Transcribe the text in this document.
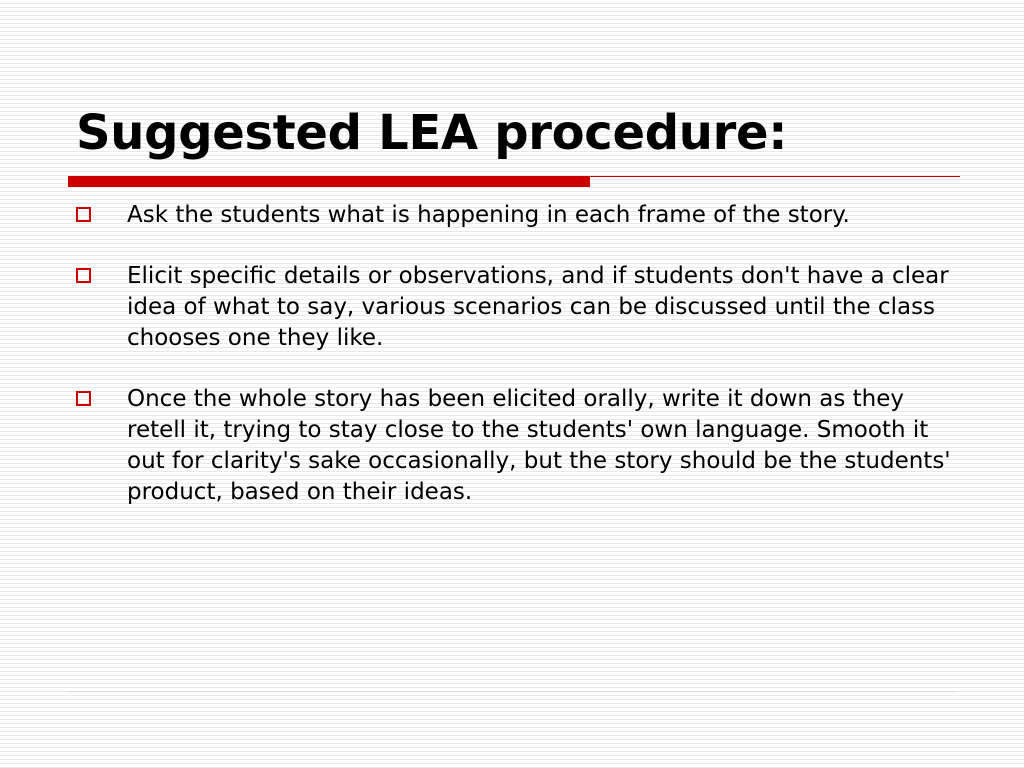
Suggested LEA procedure:
Ask the students what is happening in each frame of the story.
Elicit specific details or observations, and if students don't have a clear idea of what to say, various scenarios can be discussed until the class chooses one they like.
Once the whole story has been elicited orally, write it down as they retell it, trying to stay close to the students' own language. Smooth it out for clarity's sake occasionally, but the story should be the students' product, based on their ideas.
